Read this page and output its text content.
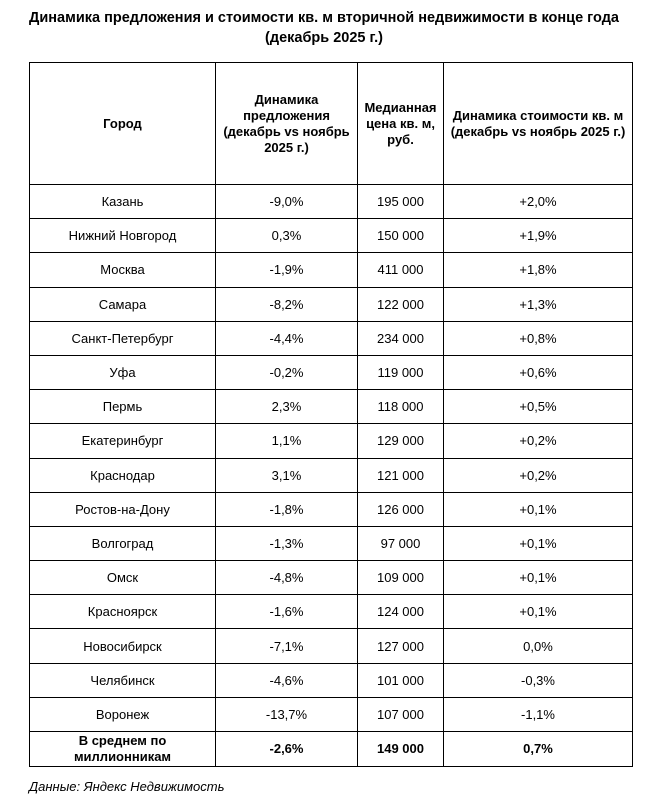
Динамика предложения и стоимости кв. м вторичной недвижимости в конце года
(декабрь 2025 г.)
Город	Динамика предложения (декабрь vs ноябрь 2025 г.)	Медианная цена кв. м, руб.	Динамика стоимости кв. м (декабрь vs ноябрь 2025 г.)
Казань	-9,0%	195 000	+2,0%
Нижний Новгород	0,3%	150 000	+1,9%
Москва	-1,9%	411 000	+1,8%
Самара	-8,2%	122 000	+1,3%
Санкт-Петербург	-4,4%	234 000	+0,8%
Уфа	-0,2%	119 000	+0,6%
Пермь	2,3%	118 000	+0,5%
Екатеринбург	1,1%	129 000	+0,2%
Краснодар	3,1%	121 000	+0,2%
Ростов-на-Дону	-1,8%	126 000	+0,1%
Волгоград	-1,3%	97 000	+0,1%
Омск	-4,8%	109 000	+0,1%
Красноярск	-1,6%	124 000	+0,1%
Новосибирск	-7,1%	127 000	0,0%
Челябинск	-4,6%	101 000	-0,3%
Воронеж	-13,7%	107 000	-1,1%
В среднем по миллионникам	-2,6%	149 000	0,7%
Данные: Яндекс Недвижимость
